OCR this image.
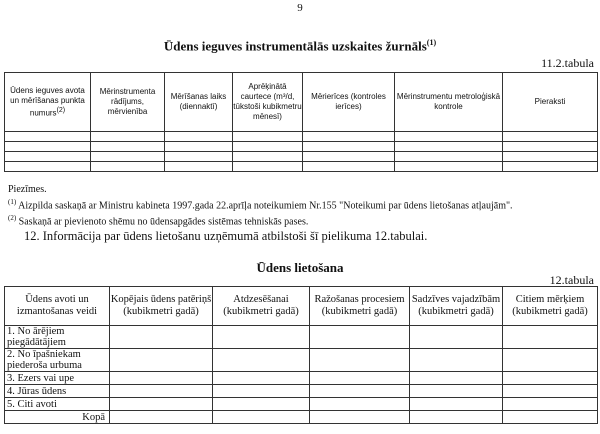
9
Ūdens ieguves instrumentālās uzskaites žurnāls$^{(1)}$
11.2.tabula
Ūdens ieguves avota un mērīšanas punkta numurs(2)	Mērinstrumenta rādījums, mērvienība	Mērīšanas laiks (diennaktī)	Aprēķinātā caurtece (m³/d, tūkstoši kubikmetru mēnesī)	Mērierīces (kontroles ierīces)	Mērinstrumentu metroloģiskā kontrole	Pieraksti

Piezīmes.
$^{(1)}$ Aizpilda saskaņā ar Ministru kabineta 1997.gada 22.aprīļa noteikumiem Nr.155 "Noteikumi par ūdens lietošanas atļaujām".
$^{(2)}$ Saskaņā ar pievienoto shēmu no ūdensapgādes sistēmas tehniskās pases.
12. Informācija par ūdens lietošanu uzņēmumā atbilstoši šī pielikuma 12.tabulai.
Ūdens lietošana
12.tabula
Ūdens avoti un izmantošanas veidi	Kopējais ūdens patēriņš (kubikmetri gadā)	Atdzesēšanai (kubikmetri gadā)	Ražošanas procesiem (kubikmetri gadā)	Sadzīves vajadzībām (kubikmetri gadā)	Citiem mērķiem (kubikmetri gadā)
1. No ārējiem piegādātājiem					
2. No īpašniekam piederoša urbuma					
3. Ezers vai upe					
4. Jūras ūdens					
5. Citi avoti					
Kopā					
